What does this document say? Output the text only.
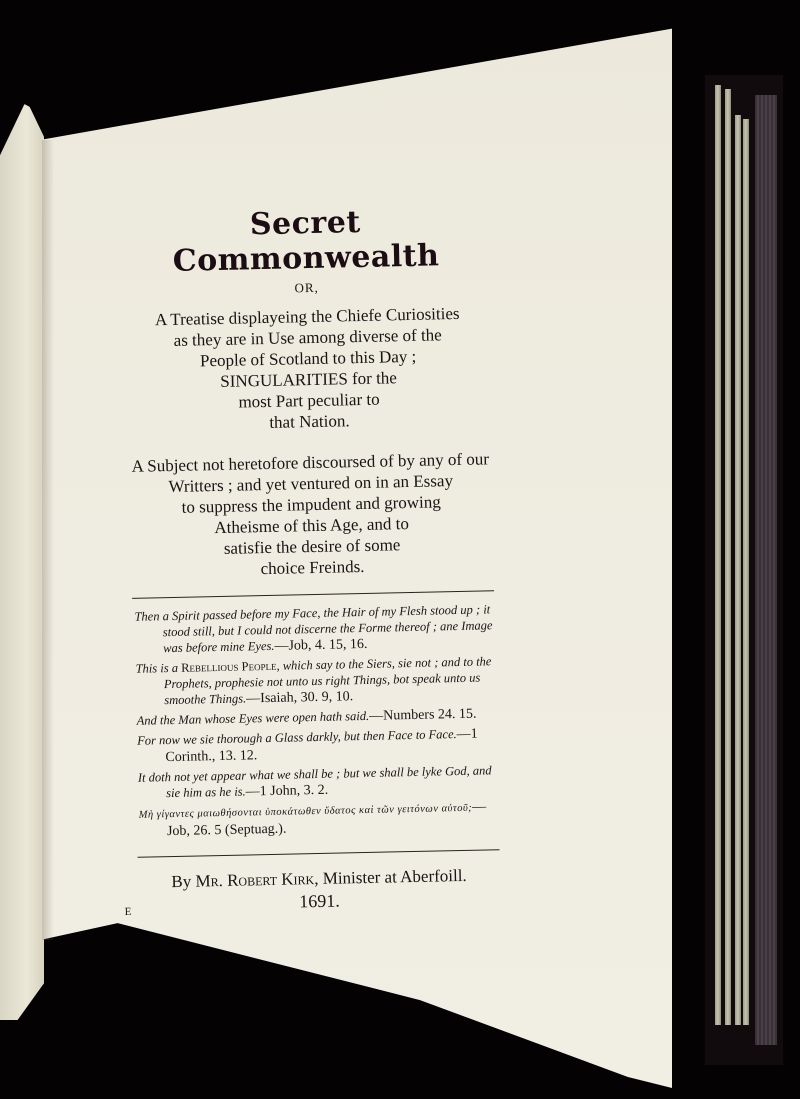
Secret Commonwealth

OR,

A Treatise displayeing the Chiefe Curiosities
as they are in Use among diverse of the
People of Scotland to this Day ;
SINGULARITIES for the
most Part peculiar to
that Nation.

A Subject not heretofore discoursed of by any of our
Writters ; and yet ventured on in an Essay
to suppress the impudent and growing
Atheisme of this Age, and to
satisfie the desire of some
choice Freinds.

Then a Spirit passed before my Face, the Hair of my Flesh stood up ; it stood still, but I could not discerne the Forme thereof ; ane Image was before mine Eyes.—Job, 4. 15, 16.

This is a Rebellious People, which say to the Siers, sie not ; and to the Prophets, prophesie not unto us right Things, bot speak unto us smoothe Things.—Isaiah, 30. 9, 10.

And the Man whose Eyes were open hath said.—Numbers 24. 15.

For now we sie thorough a Glass darkly, but then Face to Face.—1 Corinth., 13. 12.

It doth not yet appear what we shall be ; but we shall be lyke God, and sie him as he is.—1 John, 3. 2.

Μὴ γίγαντες μαιωθήσονται ὑποκάτωθεν ὕδατος καὶ τῶν γειτόνων αὐτοῦ;—Job, 26. 5 (Septuag.).

By Mr. Robert Kirk, Minister at Aberfoill.
1691.
E
